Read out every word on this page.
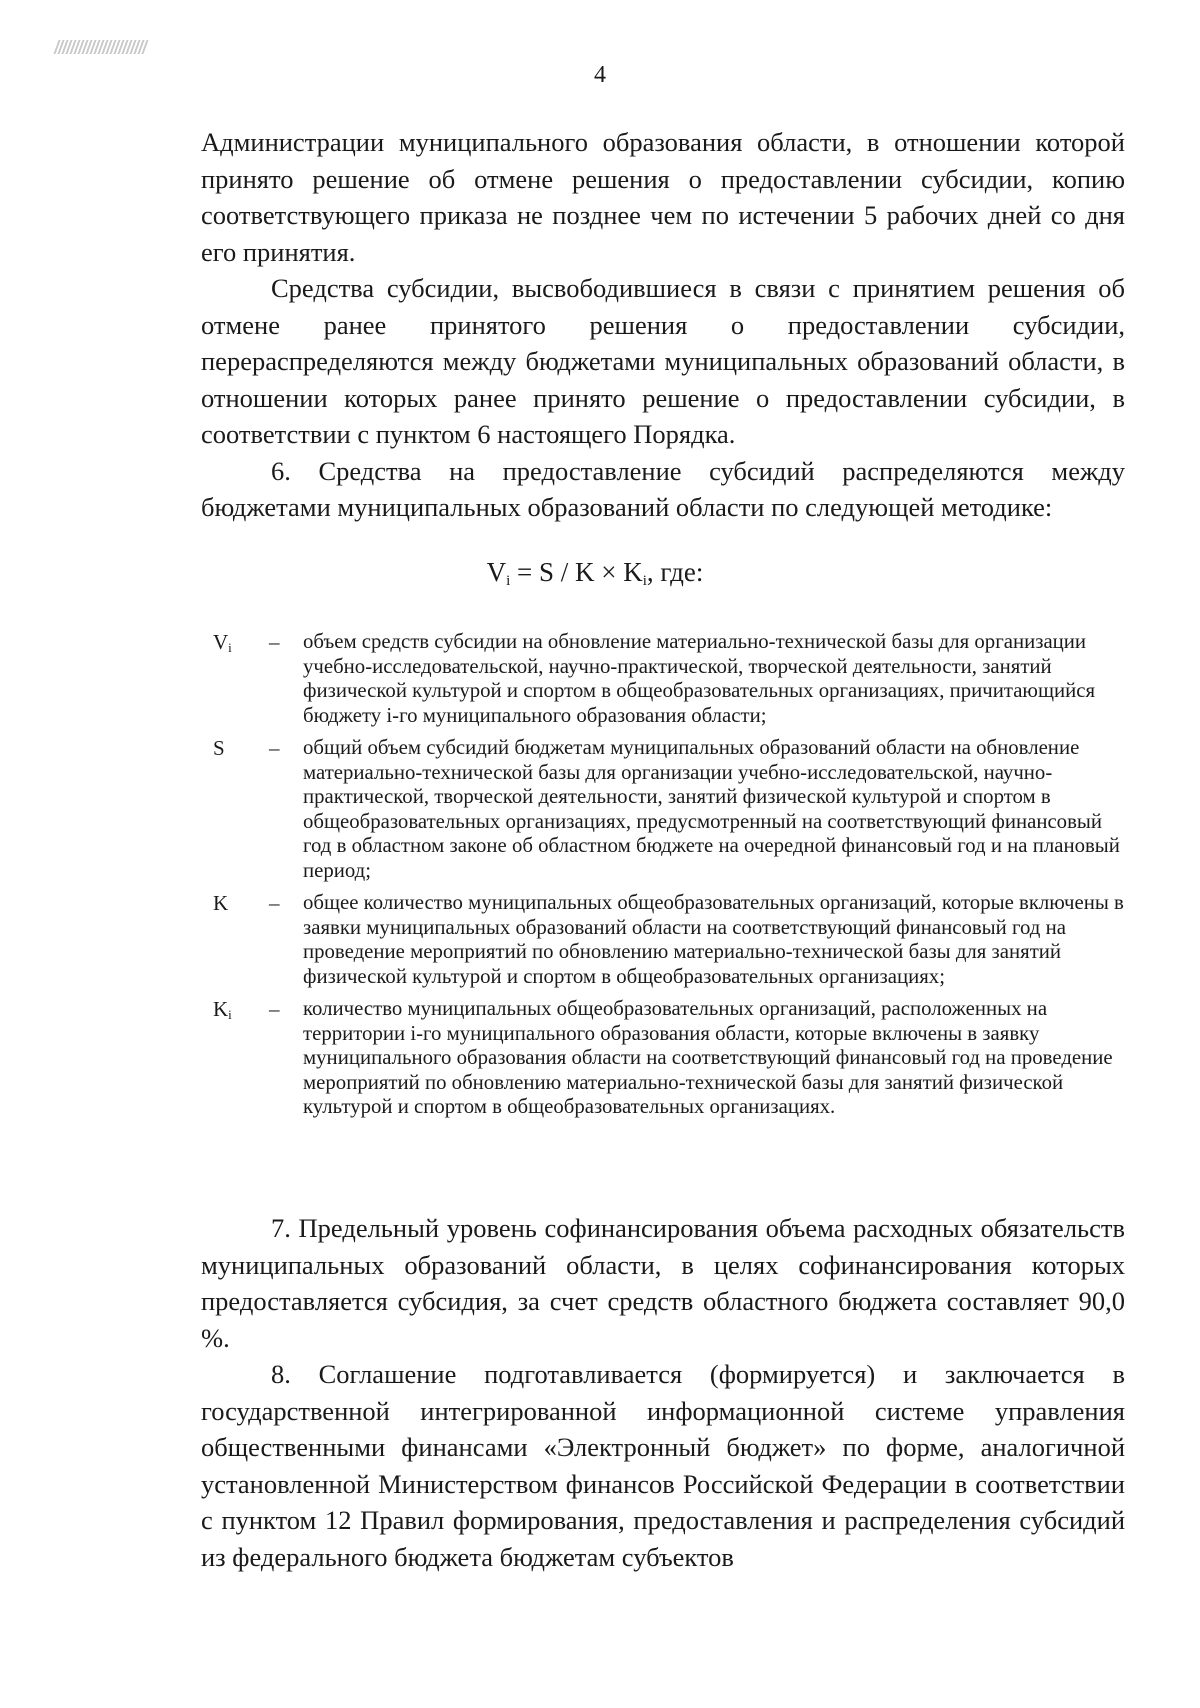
4

Администрации муниципального образования области, в отношении которой принято решение об отмене решения о предоставлении субсидии, копию соответствующего приказа не позднее чем по истечении 5 рабочих дней со дня его принятия.

Средства субсидии, высвободившиеся в связи с принятием решения об отмене ранее принятого решения о предоставлении субсидии, перераспределяются между бюджетами муниципальных образований области, в отношении которых ранее принято решение о предоставлении субсидии, в соответствии с пунктом 6 настоящего Порядка.

6. Средства на предоставление субсидий распределяются между бюджетами муниципальных образований области по следующей методике:

$V_i = S / K \times K_i$, где:
$V_i$ – объем средств субсидии на обновление материально-технической базы для организации учебно-исследовательской, научно-практической, творческой деятельности, занятий физической культурой и спортом в общеобразовательных организациях, причитающийся бюджету i-го муниципального образования области;
S – общий объем субсидий бюджетам муниципальных образований области на обновление материально-технической базы для организации учебно-исследовательской, научно-практической, творческой деятельности, занятий физической культурой и спортом в общеобразовательных организациях, предусмотренный на соответствующий финансовый год в областном законе об областном бюджете на очередной финансовый год и на плановый период;
K – общее количество муниципальных общеобразовательных организаций, которые включены в заявки муниципальных образований области на соответствующий финансовый год на проведение мероприятий по обновлению материально-технической базы для занятий физической культурой и спортом в общеобразовательных организациях;
$K_i$ – количество муниципальных общеобразовательных организаций, расположенных на территории i-го муниципального образования области, которые включены в заявку муниципального образования области на соответствующий финансовый год на проведение мероприятий по обновлению материально-технической базы для занятий физической культурой и спортом в общеобразовательных организациях.

7. Предельный уровень софинансирования объема расходных обязательств муниципальных образований области, в целях софинансирования которых предоставляется субсидия, за счет средств областного бюджета составляет 90,0 %.

8. Соглашение подготавливается (формируется) и заключается в государственной интегрированной информационной системе управления общественными финансами «Электронный бюджет» по форме, аналогичной установленной Министерством финансов Российской Федерации в соответствии с пунктом 12 Правил формирования, предоставления и распределения субсидий из федерального бюджета бюджетам субъектов
